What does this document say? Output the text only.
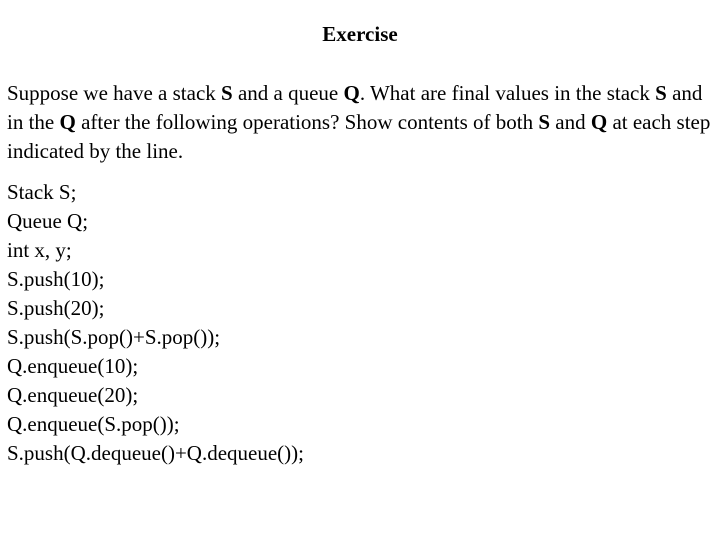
Exercise

Suppose we have a stack S and a queue Q. What are final values in the stack S and in the Q after the following operations? Show contents of both S and Q at each step indicated by the line.

Stack S;
Queue Q;
int x, y;
S.push(10);
S.push(20);
S.push(S.pop()+S.pop());
Q.enqueue(10);
Q.enqueue(20);
Q.enqueue(S.pop());
S.push(Q.dequeue()+Q.dequeue());
